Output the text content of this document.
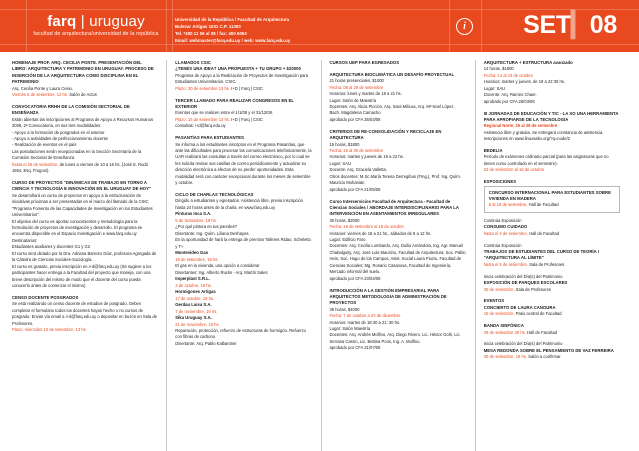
farq | uruguay
facultad de arquitectura/universidad de la república

Universidad de la República / Facultad de Arquitectura

Bulevar Artigas 1031 C.P. 11300

Tel. *400 11 06 al 08 / fax: 400 6063

Email: webmaster@farq.edu.uy / web: www.farq.edu.uy

i SET▎08
HOMENAJE PROF. ARQ. CECILIA PONTE. PRESENTACIÓN DEL LIBRO: ARQUITECTURA Y PATRIMONIO EN URUGUAY. PROCESO DE INSERCIÓN DE LA ARQUITECTURA COMO DISCIPLINA EN EL PATRIMONIO

Arq. Cecilia Ponte y Laura Cesio.

Viernes 5 de setiembre, 12 hs. Salón de Actos

CONVOCATORIA RRHH DE LA COMISIÓN SECTORIAL DE ENSEÑANZA

Están abiertas las inscripciones al Programa de Apoyo a Recursos Humanos 2008, 2ª Convocatoria, en sus tres modalidades:

- Apoyo a la formación de posgrados en el exterior

- Apoyo a actividades de perfeccionamiento docente

- Realización de eventos en el país

Las postulaciones serán recepcionadas en la Sección Secretaría de la Comisión Sectorial de Enseñanza

hasta el 26 de setiembre, de lunes a viernes de 10 a 16 hs. (José E. Rodó 1854, Esq. Frugoni).

CURSO DE PROYECTOS "DINÁMICAS DE TRABAJO EN TORNO A CIENCIA Y TECNOLOGÍA E INNOVACIÓN EN EL URUGUAY DE HOY"

Se desarrollará un curso de proyectos en apoyo a la estructuración de iniciativas próximas a ser presentadas en el marco del llamado de la CSIC "Programa Fomento de las Capacidades de Investigación en los Estudiantes Universitarios".

El objetivo del curso es aportar conocimientos y metodología para la formulación de proyectos de investigación y desarrollo. El programa se encuentra disponible en el Espacio Investigación e www.farq.edu.uy

Destinatarios:

Estudiantes auxiliares y docentes G1 y G2

El curso será dictado por la Dra. Adriana Barreiro Díaz, profesora Agregada de la Cátedra de Ciencias Sociales-Sociología.

El curso es gratuito, previa inscripción en i+d@farq.edu.uy (Se sugiere a los participantes hacer entrega a la Facultad del proyecto que maneja, con una breve descripción del mismo de modo que el docente del curso pueda conocerlo antes de comenzar el mismo)

CENSO DOCENTE POSGRADOS

Se está realizando un censo docente de estudios de posgrado. Deben completar el formulario todos los docentes hayan hecho o no cursos de posgrado. Enviar vía email a i+d@farq.edu.uy o depositar en buzón en Sala de Profesores.

Plazo: miércoles 10 de setiembre, 13 hs.

LLAMADOS CSIC
¿TENÉS UNA IDEA? UNA PROPUESTA + TU GRUPO + $20000

Programa de Apoyo a la Realización de Proyectos de Investigación para Estudiantes Universitarios. CSIC.

Plazo: 30 de setiembre 13 hs. I+D | Farq | CSIC

TERCER LLAMADO PARA REALIZAR CONGRESOS EN EL EXTERIOR

Eventos que se realicen entre el 1/1/08 y el 31/12/08.

Plazo: 15 de setiembre 13 hs. I+D | Farq | CSIC

consultas: i+d@farq.edu.uy

PASANTÍAS PARA ESTUDIANTES

Se informa a los estudiantes inscriptos en el Programa Pasantías, que ante las dificultades para procesar las comunicaciones telefónicamente, la UAR realizará las consultas a través del correo electrónico, por lo cual se les solicita revisar sus casillas de correo periódicamente y actualizar su dirección electrónica a efectos de no perder oportunidades. Esta modalidad será con carácter excepcional durante los meses de setiembre y octubre.

CICLO DE CHARLAS TECNOLÓGICAS

Dirigido a estudiantes y egresados. Asistencia libre, previa inscripción hasta 24 horas antes de la charla, en www.farq.edu.uy

Pinturas Inca S.A.
5 de Setiembre, 19 hs.

¿Por qué pintura en tus paredes?

Disertante: Ing. Quím. Liliana Deshayes.

En la oportunidad de hará la entrega de premios Talleres Ridao, Scheletto y T+

Montevideo Gas
19 de setiembre, 19 hs.

El gas en la vivienda, una opción a considerar

Disertantes: Ing. Alberto Rucks - Arq. Martín Sales

Imperplast S.R.L.
3 de octubre, 19 hs.
Hormigones Artigas
17 de octubre, 19 hs.
Gerdau Laisa S.A.
7 de noviembre, 19 hs.
Sika Uruguay S.A.
21 de noviembre, 19 hs.

Reparación, protección, refuerzo de estructuras de hormigón. Refuerzo con fibras de carbono

Disertante: Arq. Pablo Kalbantner

CURSOS UEP PARA EGRESADOS
ARQUITECTURA BIOCLIMÁTICA UN DESAFÍO PROYECTUAL

21 horas presenciales, $1000

Fecha: 08 al 29 de setiembre

Horarios: lunes y martes de 18 a 21 hs.

Lugar: Salón de Maestría

Docentes: Arq. Alicia Picción, Arq. Sara Milicua, Arq. Mª Noel López, Bach. Magdalena Camacho

aprobado por CFA 26/03/08

CRITERIOS DE RE-CONSOLIDACIÓN Y RECICLAJE EN ARQUITECTURA

15 horas, $1800

Fecha: 16 al 30 de setiembre

Horarios: martes y jueves de 19 a 22 hs.

Lugar: SAU

Docente: Arq. Graciela Valletta.

Otros docentes: M.Sc María Teresa Derregibus (FIng.), Prof. Ing. Quím. Mauricio Mohanian

aprobado por CFA 21/05/08

Curso Interservicios Facultad de Arquitectura - Facultad de Ciencias Sociales / ABORDAJE INTERDISCIPLINARIO PARA LA INTERVENCIÓN EN ASENTAMIENTOS IRREGULARES

30 horas, $2000

Fecha: 19 de setiembre al 18 de octubre

Horarios: viernes de 18 a 21 hs., sábados de 9 a 12 hs.

Lugar: Edificio Faro

Docentes: Arq. Cecilia Lombardo, Arq. Duilio Amándola, Ing. Agr. Manuel Chabalgoity, Arq. José Luis Maurizio, Facultad de Arquitectura; Soc. Pablo Hein, Soc. Hugo de los Campos, Asist. Social Laura Piuzio, Facultad de Ciencias Sociales; Mg. Rosario Casanova, Facultad de Ingeniería, Mercado informal del suelo.

aprobado por CFA 23/04/08

INTRODUCCIÓN A LA GESTIÓN EMPRESARIAL PARA ARQUITECTOS METODOLOGÍA DE ADMINISTRACIÓN DE PROYECTOS

36 horas, $4000

Fecha: 7 de octubre a 23 de diciembre

Horarios: martes de 18:30 a 21: 30 hs.

Lugar: Salón Maestría

Docentes: Arq. Andrés Molfino, Arq. Diego Rivero, Lic. Héctor Goñi, Lic. Serrana Castro, Lic. Bettina Pons, Ing. A. Molfino.

aprobado por CFA 21/07/08

ARQUITECTURA + ESTRUCTURA avanzado

14 horas, $1800

Fecha: 14 al 23 de octubre

Horarios: martes y jueves, de 19 a 22:30 hs.

Lugar: SAU

Docente: Arq. Ramiro Chaer.

aprobado por CFA 26/03/08

III JORNADAS DE EDUCACIÓN Y TIC - LA XO UNA HERRAMIENTA PARA APROPIARSE DE LA TECNOLOGÍA

Regional Norte, 25 al 28 de setiembre

Asistencia libre y gratuita. Se entregará constancia de asistencia.

Inscripciones en www.linuxsalto.org/?q=node/2

BEDELÍA

Período de exámenes ordinario parcial (para las asignaturas que no tienen curso controlado en el semestre):

22 de setiembre al 18 de octubre

EXPOSICIONES
CONCURSO INTERNACIONAL PARA ESTUDIANTES SOBRE VIVIENDA EN MADERA

8 al 19 de setiembre, Hall de Facultad

Continúa Exposición
CONSUMO CUIDADO

hasta el 4 de setiembre, Hall de Facultad

Continúa Exposición
TRABAJOS DE ESTUDIANTES DEL CURSO DE TEORÍA I "ARQUITECTURA AL LÍMITE"

hasta el 5 de setiembre, Sala de Profesores

Inicia celebración del Día(s) del Patrimonio
EXPOSICIÓN DE PARQUES ESCOLARES

30 de setiembre, Sala de Profesores

EVENTOS
CONCIERTO DE LAURA CANOURA

15 de setiembre, Patio central de Facultad

BANDA SINFÓNICA

29 de setiembre 20 hs. Hall de Facultad

Inicia celebración del Día(s) del Patrimonio
MESA REDONDA SOBRE EL PENSAMIENTO DE VAZ FERREIRA

30 de setiembre, 19 hs. Salón a confirmar
